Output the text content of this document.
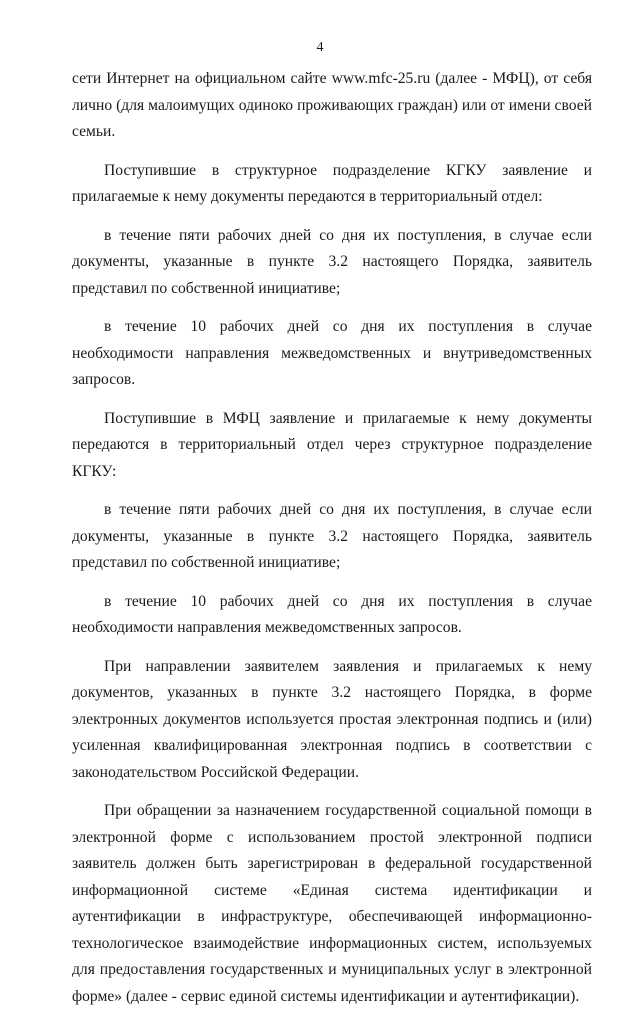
4

сети Интернет на официальном сайте www.mfc-25.ru (далее - МФЦ), от себя лично (для малоимущих одиноко проживающих граждан) или от имени своей семьи.

Поступившие в структурное подразделение КГКУ заявление и прилагаемые к нему документы передаются в территориальный отдел:

в течение пяти рабочих дней со дня их поступления, в случае если документы, указанные в пункте 3.2 настоящего Порядка, заявитель представил по собственной инициативе;

в течение 10 рабочих дней со дня их поступления в случае необходимости направления межведомственных и внутриведомственных запросов.

Поступившие в МФЦ заявление и прилагаемые к нему документы передаются в территориальный отдел через структурное подразделение КГКУ:

в течение пяти рабочих дней со дня их поступления, в случае если документы, указанные в пункте 3.2 настоящего Порядка, заявитель представил по собственной инициативе;

в течение 10 рабочих дней со дня их поступления в случае необходимости направления межведомственных запросов.

При направлении заявителем заявления и прилагаемых к нему документов, указанных в пункте 3.2 настоящего Порядка, в форме электронных документов используется простая электронная подпись и (или) усиленная квалифицированная электронная подпись в соответствии с законодательством Российской Федерации.

При обращении за назначением государственной социальной помощи в электронной форме с использованием простой электронной подписи заявитель должен быть зарегистрирован в федеральной государственной информационной системе «Единая система идентификации и аутентификации в инфраструктуре, обеспечивающей информационно-технологическое взаимодействие информационных систем, используемых для предоставления государственных и муниципальных услуг в электронной форме» (далее - сервис единой системы идентификации и аутентификации).
